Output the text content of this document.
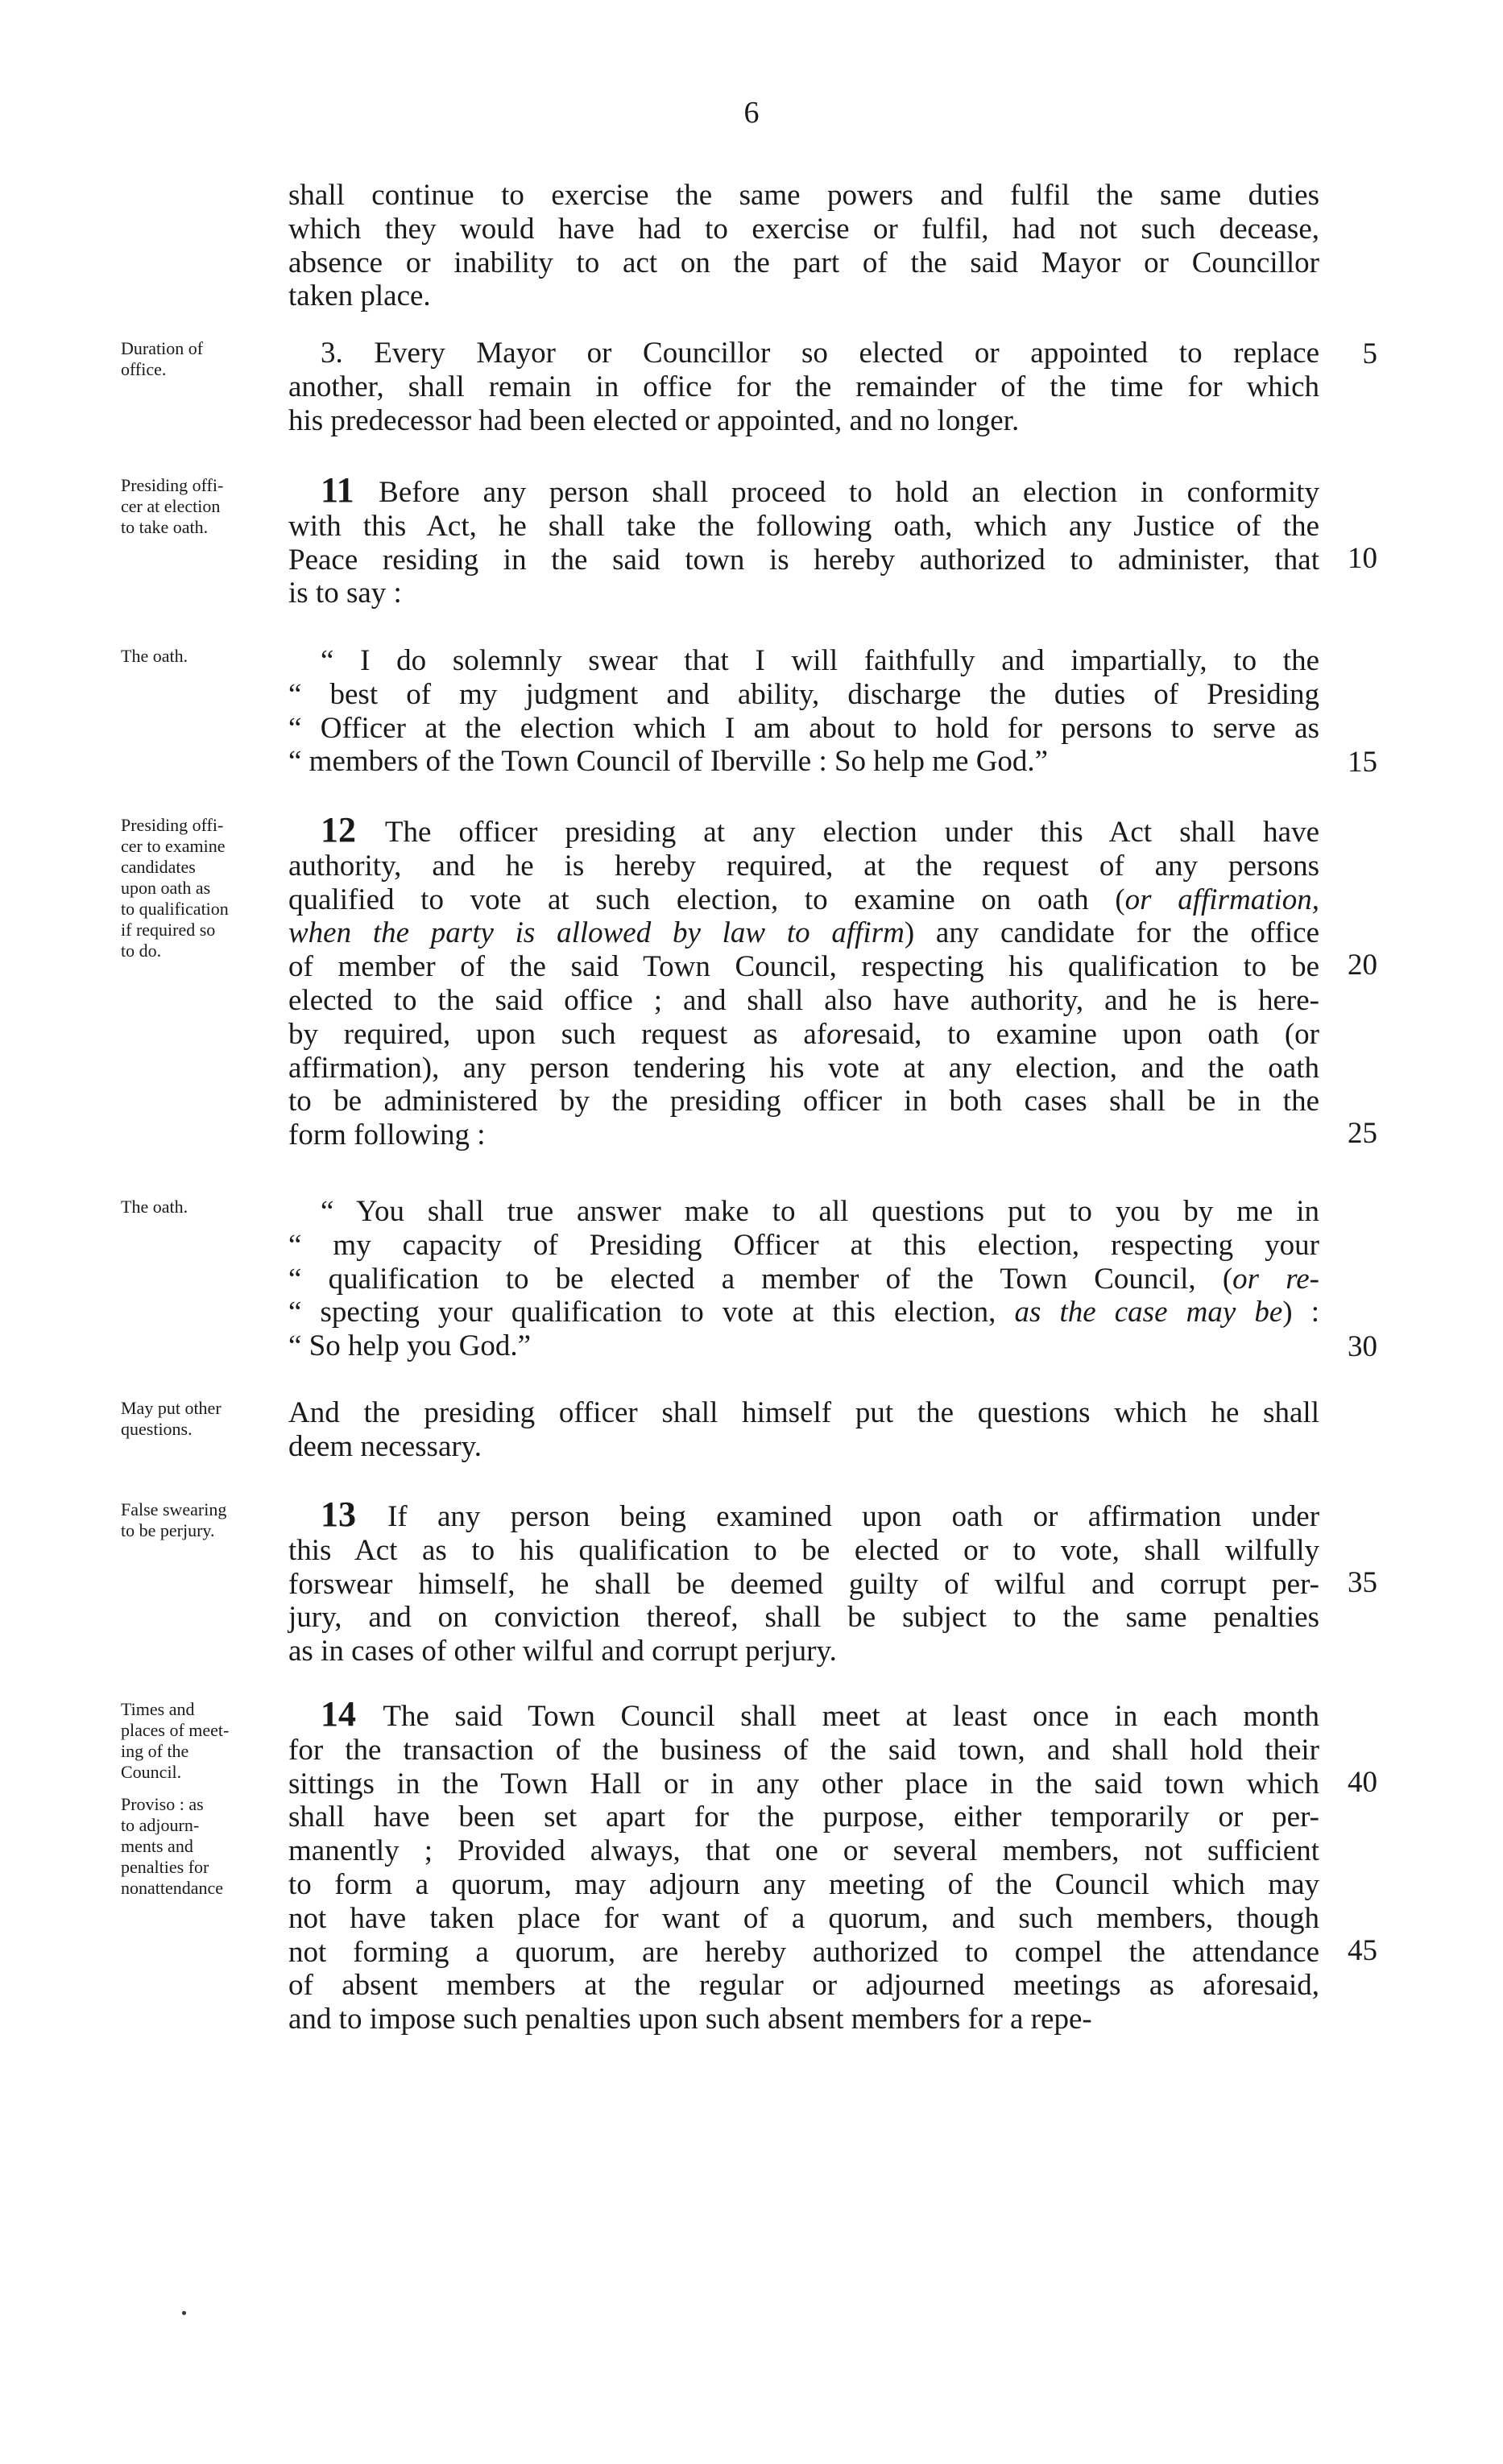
6
shall continue to exercise the same powers and fulfil the same duties
which they would have had to exercise or fulfil, had not such decease,
absence or inability to act on the part of the said Mayor or Councillor
taken place.
Duration of
office.	3. Every Mayor or Councillor so elected or appointed to replace
another, shall remain in office for the remainder of the time for which
his predecessor had been elected or appointed, and no longer.
5
Presiding offi-
cer at election
to take oath.
11 Before any person shall proceed to hold an election in conformity
with this Act, he shall take the following oath, which any Justice of the
Peace residing in the said town is hereby authorized to administer, that
is to say :
10
The oath.	“ I do solemnly swear that I will faithfully and impartially, to the
“ best of my judgment and ability, discharge the duties of Presiding
“ Officer at the election which I am about to hold for persons to serve as
“ members of the Town Council of Iberville : So help me God.”	15
Presiding offi-
cer to examine
candidates
upon oath as
to qualification
if required so
to do.
12 The officer presiding at any election under this Act shall have
authority, and he is hereby required, at the request of any persons
qualified to vote at such election, to examine on oath (or affirmation,
when the party is allowed by law to affirm) any candidate for the office
of member of the said Town Council, respecting his qualification to be
elected to the said office ; and shall also have authority, and he is here-
by required, upon such request as aforesaid, to examine upon oath (or
affirmation), any person tendering his vote at any election, and the oath
to be administered by the presiding officer in both cases shall be in the
form following :
20
25
The oath.	“ You shall true answer make to all questions put to you by me in
“ my capacity of Presiding Officer at this election, respecting your
“ qualification to be elected a member of the Town Council, (or re-
“ specting your qualification to vote at this election, as the case may be) :
“ So help you God.”	30
May put other
questions.	And the presiding officer shall himself put the questions which he shall
deem necessary.
False swearing
to be perjury.	13 If any person being examined upon oath or affirmation under
this Act as to his qualification to be elected or to vote, shall wilfully
forswear himself, he shall be deemed guilty of wilful and corrupt per-
jury, and on conviction thereof, shall be subject to the same penalties
as in cases of other wilful and corrupt perjury.
35
Times and
places of meet-
ing of the
Council.
Proviso : as
to adjourn-
ments and
penalties for
nonattendance
14 The said Town Council shall meet at least once in each month
for the transaction of the business of the said town, and shall hold their
sittings in the Town Hall or in any other place in the said town which
shall have been set apart for the purpose, either temporarily or per-
manently ; Provided always, that one or several members, not sufficient
to form a quorum, may adjourn any meeting of the Council which may
not have taken place for want of a quorum, and such members, though
not forming a quorum, are hereby authorized to compel the attendance
of absent members at the regular or adjourned meetings as aforesaid,
and to impose such penalties upon such absent members for a repe-
40
45
